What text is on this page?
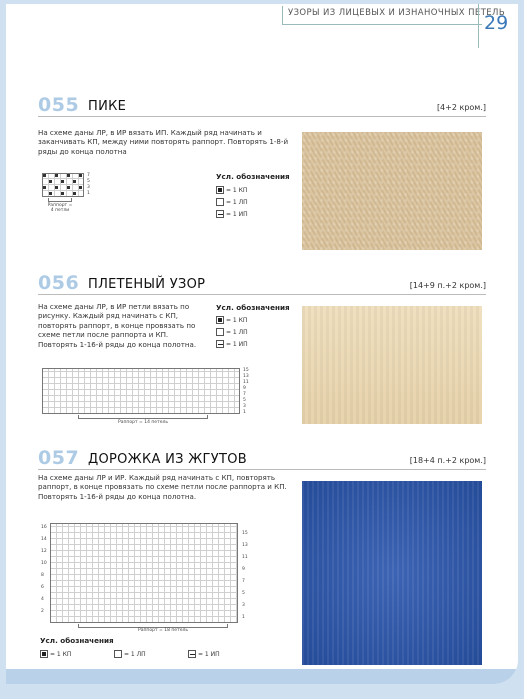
УЗОРЫ ИЗ ЛИЦЕВЫХ И ИЗНАНОЧНЫХ ПЕТЕЛЬ
29
055 ПИКЕ	[4+2 кром.]
На схеме даны ЛР, в ИР вязать ИП. Каждый ряд начинать и заканчивать КП, между ними повторять раппорт. Повторять 1-8-й ряды до конца полотна
7
5
3
1
Раппорт = 4 петли
Усл. обозначения
= 1 КП
= 1 ЛП
= 1 ИП
056 ПЛЕТЕНЫЙ УЗОР	[14+9 п.+2 кром.]
На схеме даны ЛР, в ИР петли вязать по рисунку. Каждый ряд начинать с КП, повторять раппорт, в конце провязать по схеме петли после раппорта и КП. Повторять 1-16-й ряды до конца полотна.
Усл. обозначения
= 1 КП
= 1 ЛП
= 1 ИП
15
13
11
9
7
5
3
1
Раппорт = 14 петель
057 ДОРОЖКА ИЗ ЖГУТОВ	[18+4 п.+2 кром.]
На схеме даны ЛР и ИР. Каждый ряд начинать с КП, повторять раппорт, в конце провязать по схеме петли после раппорта и КП. Повторять 1-16-й ряды до конца полотна.
16
14
12
10
8
6
4
2
15
13
11
9
7
5
3
1
Раппорт = 18 петель
Усл. обозначения
= 1 КП	= 1 ЛП	= 1 ИП
